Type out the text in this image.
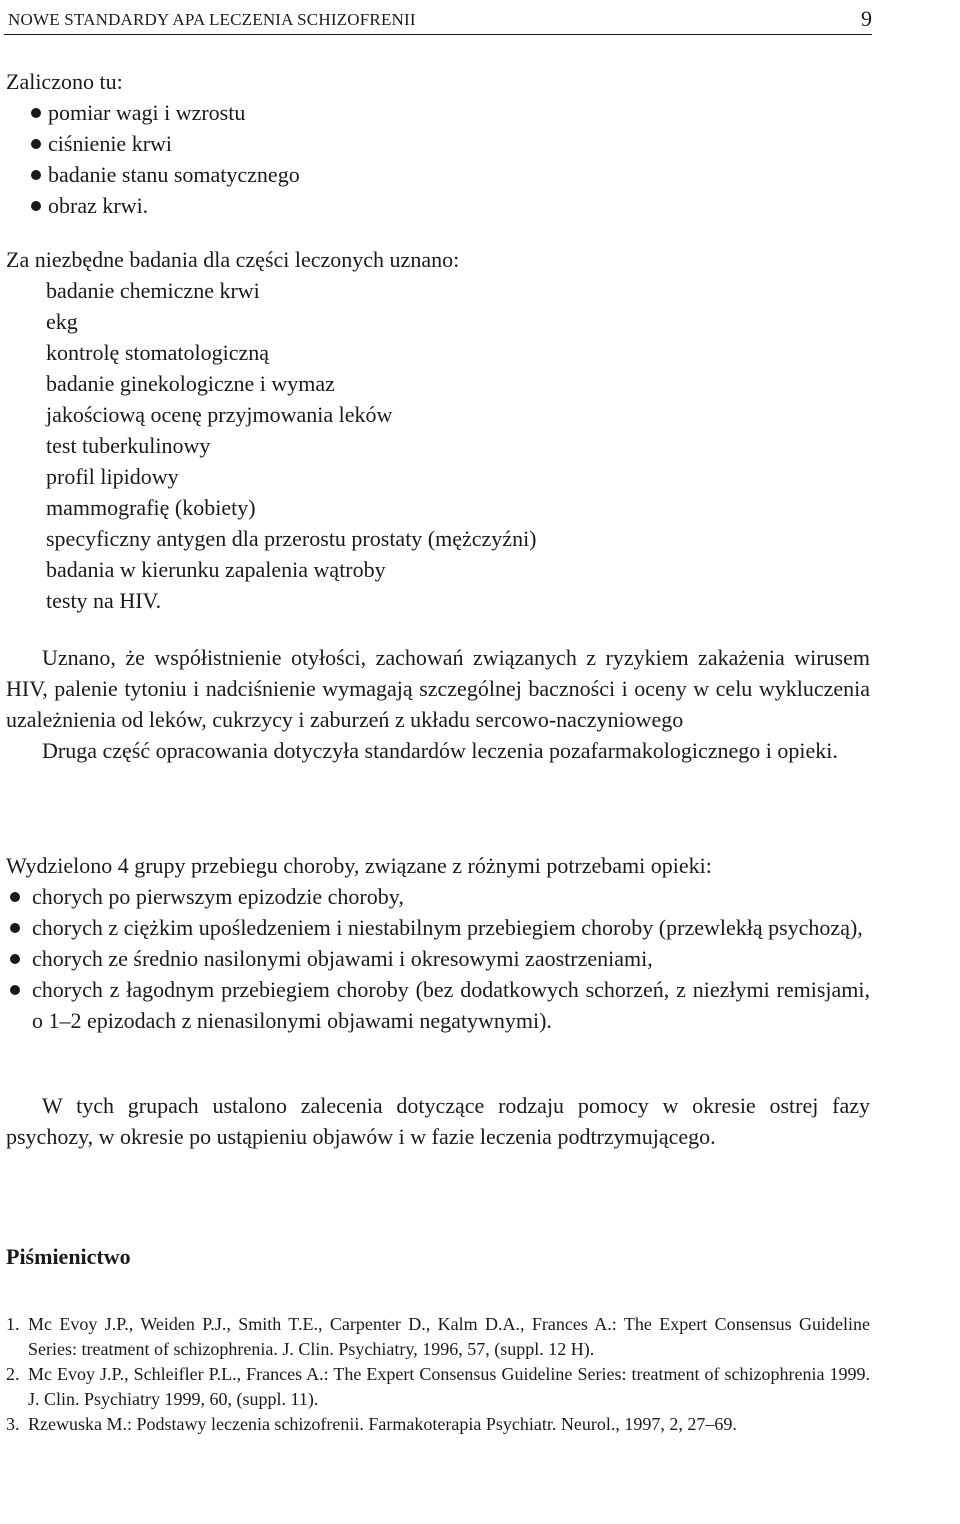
NOWE STANDARDY APA LECZENIA SCHIZOFRENII	9

Zaliczono tu:

pomiar wagi i wzrostu
ciśnienie krwi
badanie stanu somatycznego
obraz krwi.

Za niezbędne badania dla części leczonych uznano:

badanie chemiczne krwi
ekg
kontrolę stomatologiczną
badanie ginekologiczne i wymaz
jakościową ocenę przyjmowania leków
test tuberkulinowy
profil lipidowy
mammografię (kobiety)
specyficzny antygen dla przerostu prostaty (mężczyźni)
badania w kierunku zapalenia wątroby
testy na HIV.

Uznano, że współistnienie otyłości, zachowań związanych z ryzykiem zakażenia wirusem HIV, palenie tytoniu i nadciśnienie wymagają szczególnej baczności i oceny w celu wykluczenia uzależnienia od leków, cukrzycy i zaburzeń z układu sercowo-naczyniowego

Druga część opracowania dotyczyła standardów leczenia pozafarmakologicznego i opieki.

Wydzielono 4 grupy przebiegu choroby, związane z różnymi potrzebami opieki:

chorych po pierwszym epizodzie choroby,
chorych z ciężkim upośledzeniem i niestabilnym przebiegiem choroby (przewlekłą psychozą),
chorych ze średnio nasilonymi objawami i okresowymi zaostrzeniami,
chorych z łagodnym przebiegiem choroby (bez dodatkowych schorzeń, z niezłymi remisjami, o 1–2 epizodach z nienasilonymi objawami negatywnymi).

W tych grupach ustalono zalecenia dotyczące rodzaju pomocy w okresie ostrej fazy psychozy, w okresie po ustąpieniu objawów i w fazie leczenia podtrzymującego.

Piśmienictwo
1. Mc Evoy J.P., Weiden P.J., Smith T.E., Carpenter D., Kalm D.A., Frances A.: The Expert Consensus Guideline Series: treatment of schizophrenia. J. Clin. Psychiatry, 1996, 57, (suppl. 12 H).
2. Mc Evoy J.P., Schleifler P.L., Frances A.: The Expert Consensus Guideline Series: treatment of schizophrenia 1999. J. Clin. Psychiatry 1999, 60, (suppl. 11).
3. Rzewuska M.: Podstawy leczenia schizofrenii. Farmakoterapia Psychiatr. Neurol., 1997, 2, 27–69.
